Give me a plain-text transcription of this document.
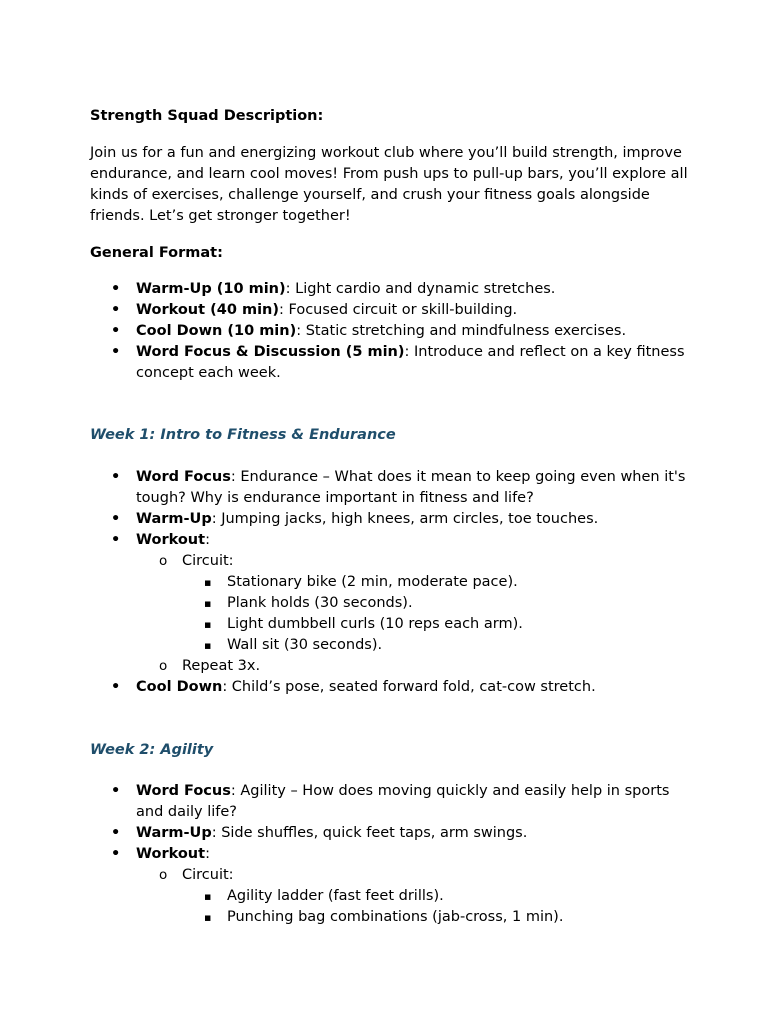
Strength Squad Description:

Join us for a fun and energizing workout club where you’ll build strength, improve endurance, and learn cool moves! From push ups to pull-up bars, you’ll explore all kinds of exercises, challenge yourself, and crush your fitness goals alongside friends. Let’s get stronger together!

General Format:
• Warm-Up (10 min): Light cardio and dynamic stretches.
• Workout (40 min): Focused circuit or skill-building.
• Cool Down (10 min): Static stretching and mindfulness exercises.
• Word Focus & Discussion (5 min): Introduce and reflect on a key fitness concept each week.
Week 1: Intro to Fitness & Endurance
• Word Focus: Endurance – What does it mean to keep going even when it's tough? Why is endurance important in fitness and life?
• Warm-Up: Jumping jacks, high knees, arm circles, toe touches.
• Workout:
o Circuit:
▪ Stationary bike (2 min, moderate pace).
▪ Plank holds (30 seconds).
▪ Light dumbbell curls (10 reps each arm).
▪ Wall sit (30 seconds).
o Repeat 3x.
• Cool Down: Child’s pose, seated forward fold, cat-cow stretch.
Week 2: Agility
• Word Focus: Agility – How does moving quickly and easily help in sports and daily life?
• Warm-Up: Side shuffles, quick feet taps, arm swings.
• Workout:
o Circuit:
▪ Agility ladder (fast feet drills).
▪ Punching bag combinations (jab-cross, 1 min).
